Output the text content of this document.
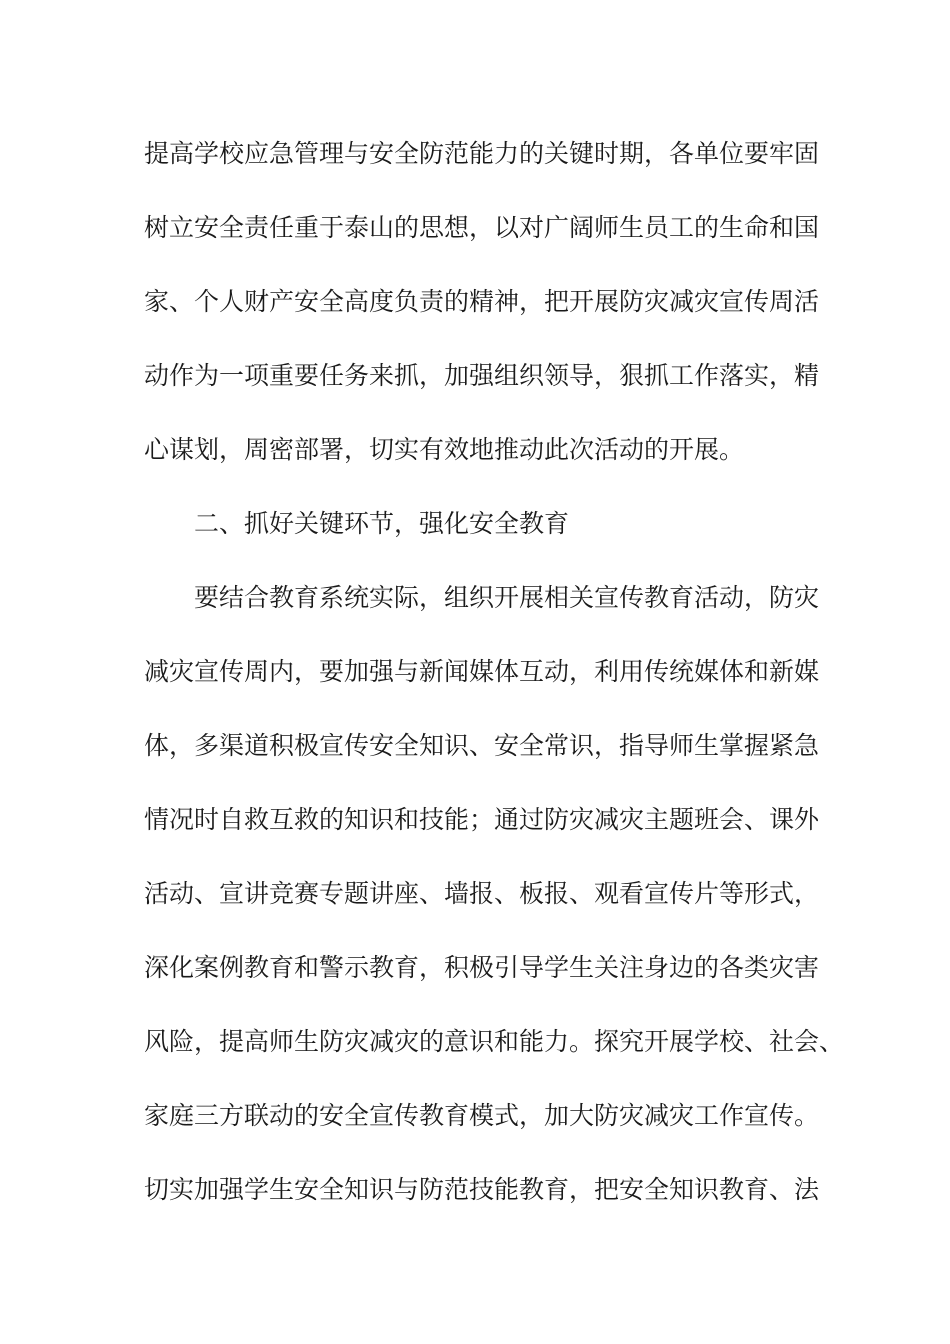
提高学校应急管理与安全防范能力的关键时期，各单位要牢固

树立安全责任重于泰山的思想，以对广阔师生员工的生命和国

家、个人财产安全高度负责的精神，把开展防灾减灾宣传周活

动作为一项重要任务来抓，加强组织领导，狠抓工作落实，精

心谋划，周密部署，切实有效地推动此次活动的开展。

二、抓好关键环节，强化安全教育

要结合教育系统实际，组织开展相关宣传教育活动，防灾

减灾宣传周内，要加强与新闻媒体互动，利用传统媒体和新媒

体，多渠道积极宣传安全知识、安全常识，指导师生掌握紧急

情况时自救互救的知识和技能；通过防灾减灾主题班会、课外

活动、宣讲竞赛专题讲座、墙报、板报、观看宣传片等形式，

深化案例教育和警示教育，积极引导学生关注身边的各类灾害

风险，提高师生防灾减灾的意识和能力。探究开展学校、社会、

家庭三方联动的安全宣传教育模式，加大防灾减灾工作宣传。

切实加强学生安全知识与防范技能教育，把安全知识教育、法
